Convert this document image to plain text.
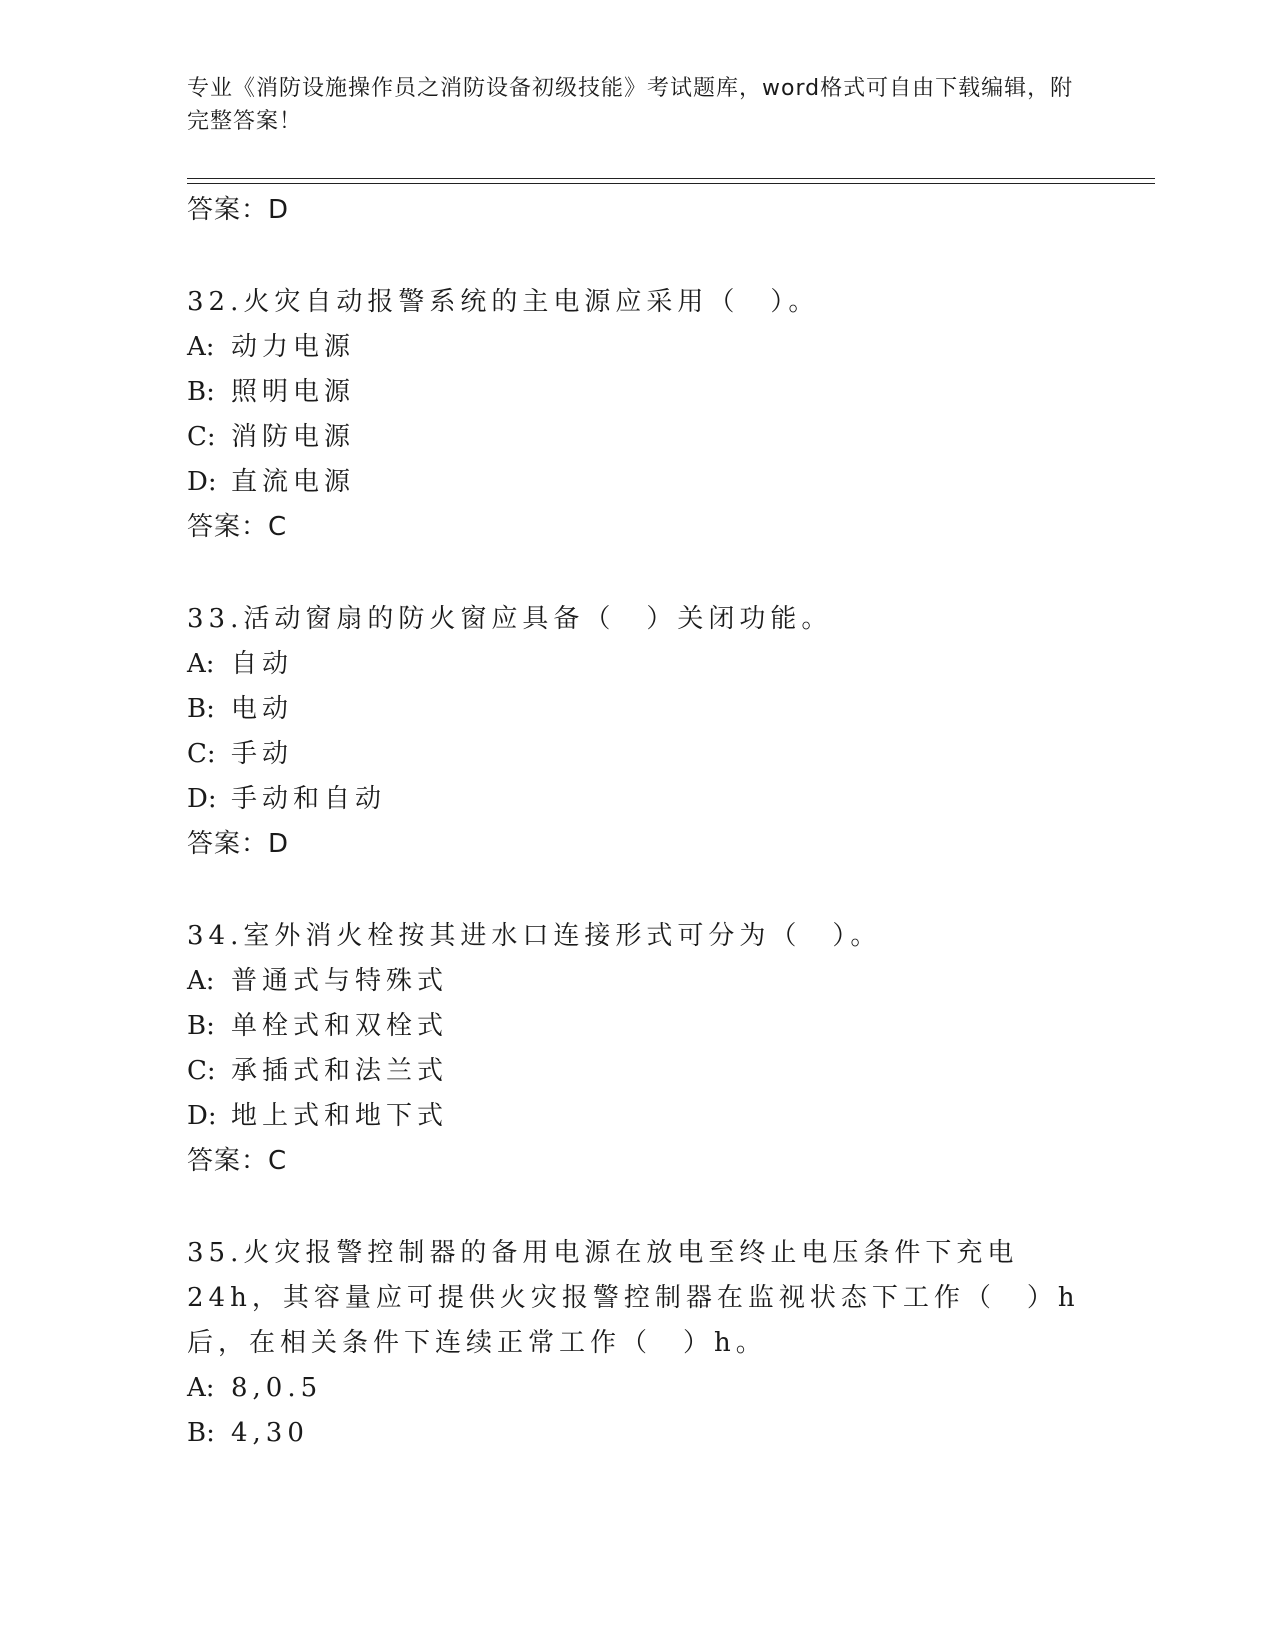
专业《消防设施操作员之消防设备初级技能》考试题库，word格式可自由下载编辑，附完整答案！
答案：D
32.火灾自动报警系统的主电源应采用（　）。
A: 动力电源
B: 照明电源
C: 消防电源
D: 直流电源
答案：C
33.活动窗扇的防火窗应具备（　）关闭功能。
A: 自动
B: 电动
C: 手动
D: 手动和自动
答案：D
34.室外消火栓按其进水口连接形式可分为（　）。
A: 普通式与特殊式
B: 单栓式和双栓式
C: 承插式和法兰式
D: 地上式和地下式
答案：C
35.火灾报警控制器的备用电源在放电至终止电压条件下充电24h，其容量应可提供火灾报警控制器在监视状态下工作（　）h后，在相关条件下连续正常工作（　）h。
A: 8,0.5
B: 4,30
